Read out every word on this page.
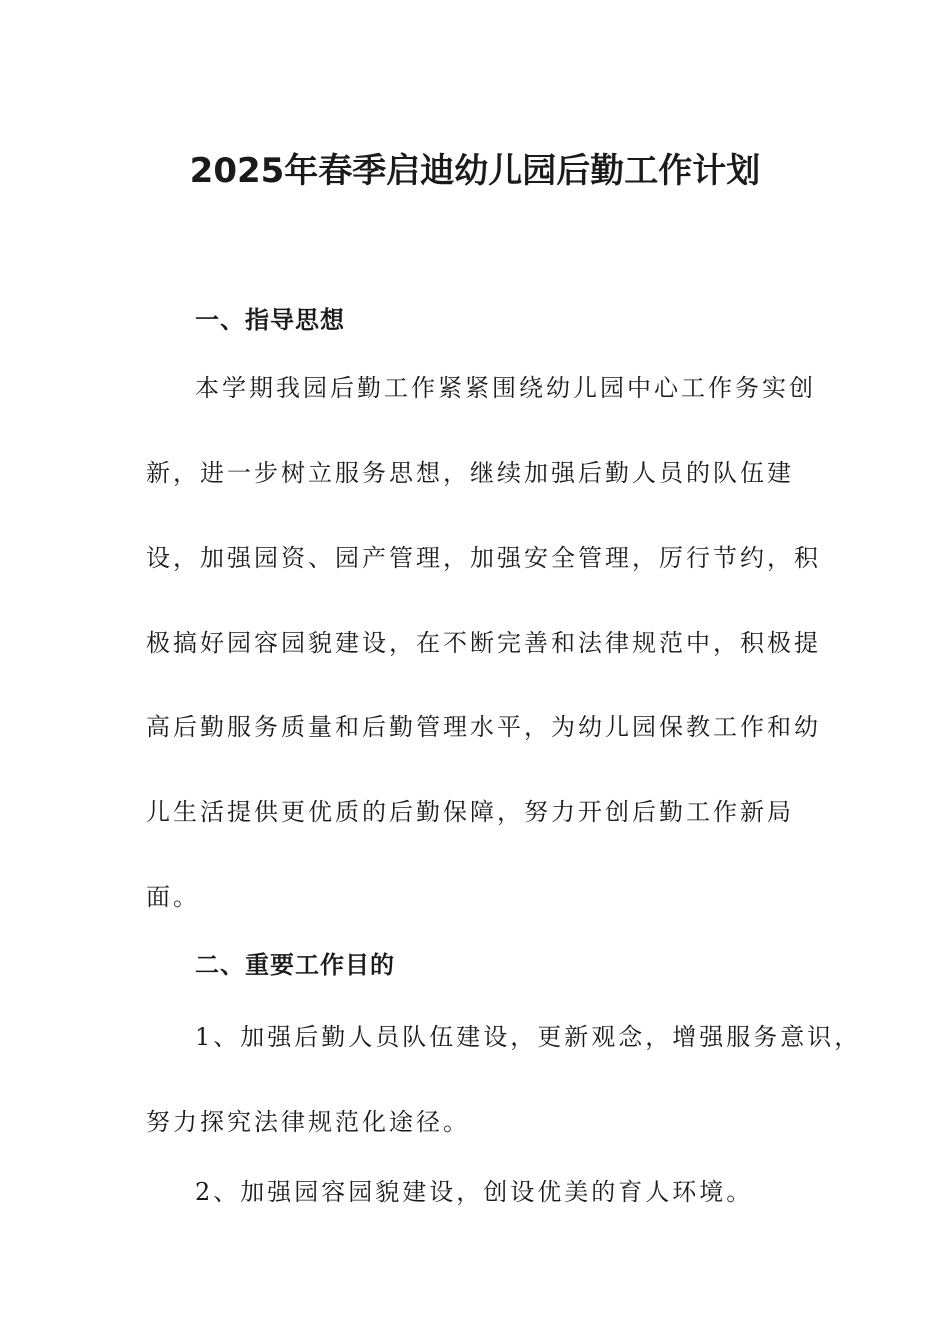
2025年春季启迪幼儿园后勤工作计划
一、指导思想
本学期我园后勤工作紧紧围绕幼儿园中心工作务实创
新，进一步树立服务思想，继续加强后勤人员的队伍建
设，加强园资、园产管理，加强安全管理，厉行节约，积
极搞好园容园貌建设，在不断完善和法律规范中，积极提
高后勤服务质量和后勤管理水平，为幼儿园保教工作和幼
儿生活提供更优质的后勤保障，努力开创后勤工作新局
面。
二、重要工作目的
1、加强后勤人员队伍建设，更新观念，增强服务意识，
努力探究法律规范化途径。
2、加强园容园貌建设，创设优美的育人环境。
